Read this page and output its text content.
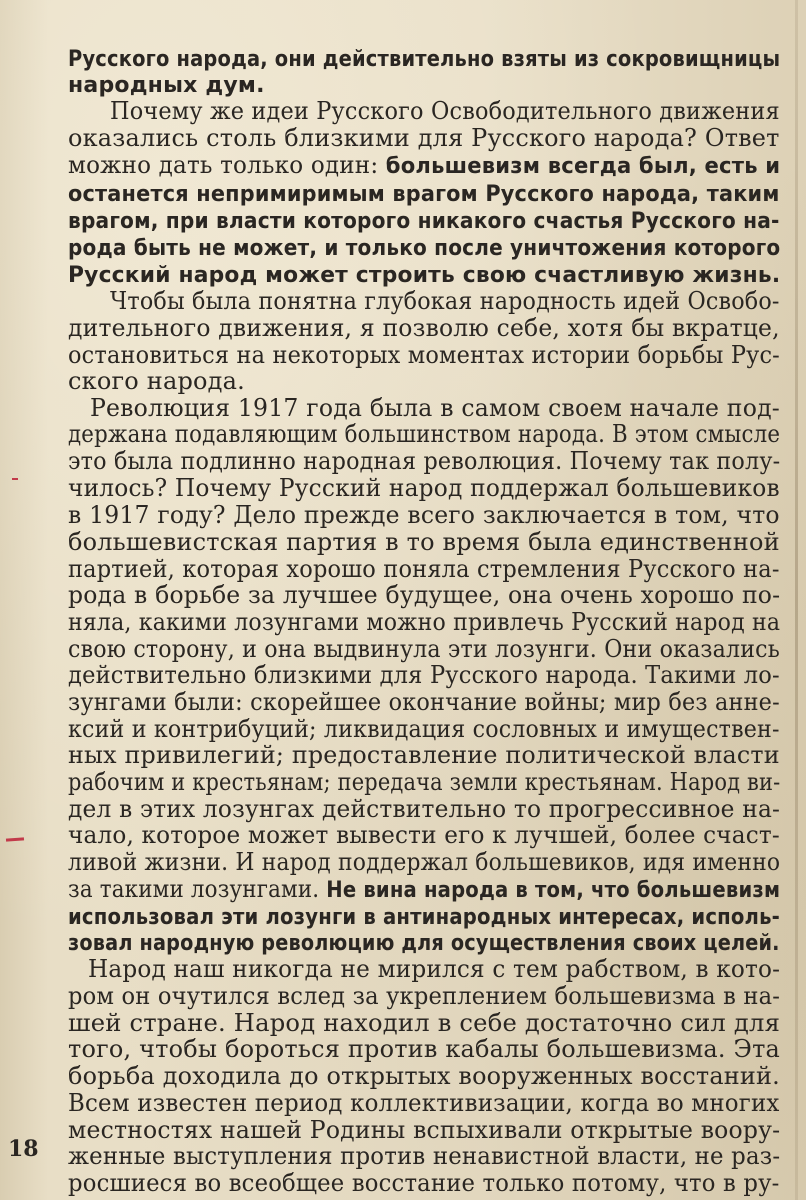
Русского народа, они действительно взяты из сокровищницы
народных дум.
Почему же идеи Русского Освободительного движения
оказались столь близкими для Русского народа? Ответ
можно дать только один: большевизм всегда был, есть и
останется непримиримым врагом Русского народа, таким
врагом, при власти которого никакого счастья Русского на-
рода быть не может, и только после уничтожения которого
Русский народ может строить свою счастливую жизнь.
Чтобы была понятна глубокая народность идей Освобо-
дительного движения, я позволю себе, хотя бы вкратце,
остановиться на некоторых моментах истории борьбы Рус-
ского народа.
Революция 1917 года была в самом своем начале под-
держана подавляющим большинством народа. В этом смысле
это была подлинно народная революция. Почему так полу-
чилось? Почему Русский народ поддержал большевиков
в 1917 году? Дело прежде всего заключается в том, что
большевистская партия в то время была единственной
партией, которая хорошо поняла стремления Русского на-
рода в борьбе за лучшее будущее, она очень хорошо по-
няла, какими лозунгами можно привлечь Русский народ на
свою сторону, и она выдвинула эти лозунги. Они оказались
действительно близкими для Русского народа. Такими ло-
зунгами были: скорейшее окончание войны; мир без анне-
ксий и контрибуций; ликвидация сословных и имуществен-
ных привилегий; предоставление политической власти
рабочим и крестьянам; передача земли крестьянам. Народ ви-
дел в этих лозунгах действительно то прогрессивное на-
чало, которое может вывести его к лучшей, более счаст-
ливой жизни. И народ поддержал большевиков, идя именно
за такими лозунгами. Не вина народа в том, что большевизм
использовал эти лозунги в антинародных интересах, исполь-
зовал народную революцию для осуществления своих целей.
Народ наш никогда не мирился с тем рабством, в кото-
ром он очутился вслед за укреплением большевизма в на-
шей стране. Народ находил в себе достаточно сил для
того, чтобы бороться против кабалы большевизма. Эта
борьба доходила до открытых вооруженных восстаний.
Всем известен период коллективизации, когда во многих
местностях нашей Родины вспыхивали открытые воору-
женные выступления против ненавистной власти, не раз-
росшиеся во всеобщее восстание только потому, что в ру-
18
